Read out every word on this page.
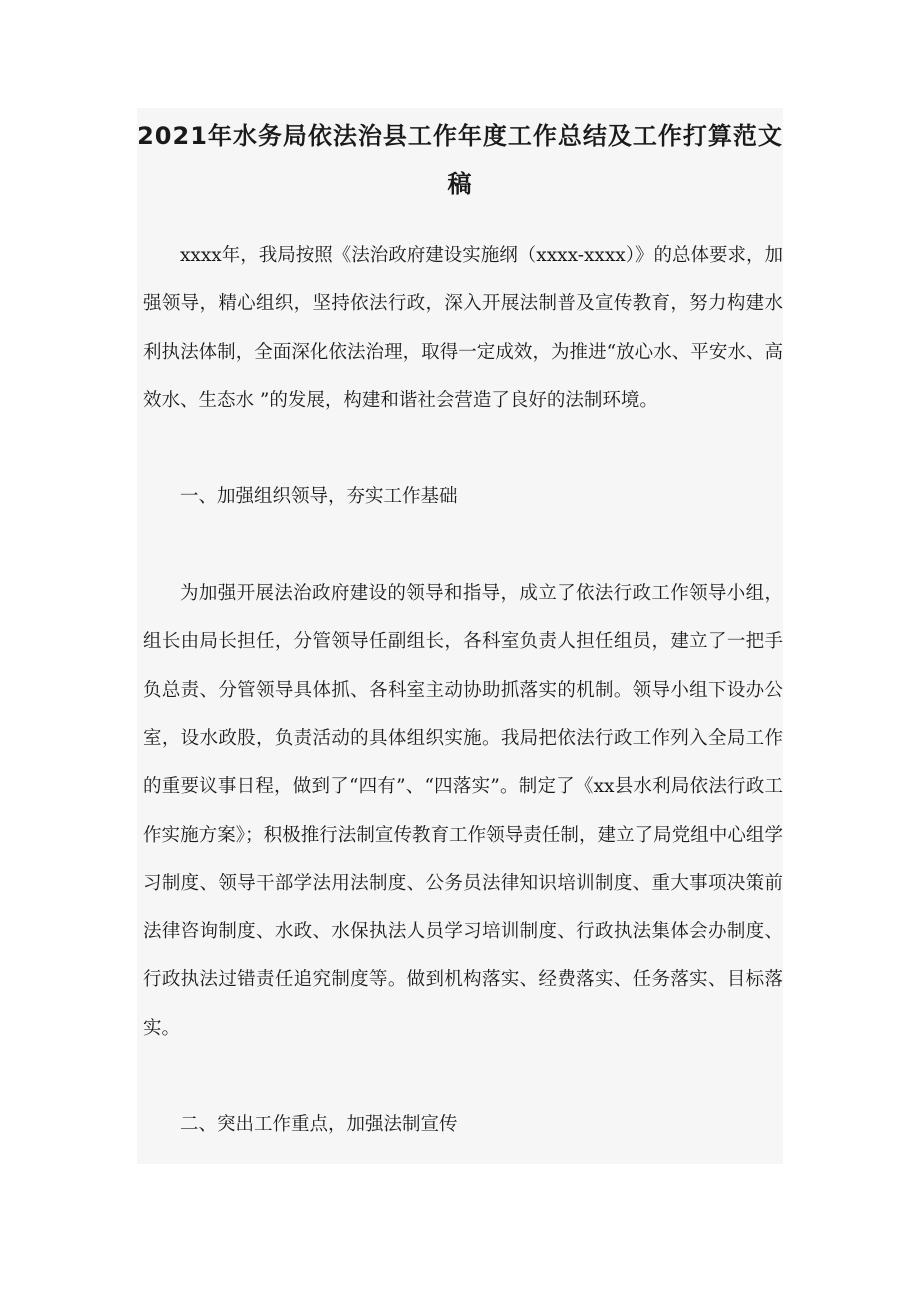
2021年水务局依法治县工作年度工作总结及工作打算范文稿

xxxx年，我局按照《法治政府建设实施纲（xxxx-xxxx）》的总体要求，加强领导，精心组织，坚持依法行政，深入开展法制普及宣传教育，努力构建水利执法体制，全面深化依法治理，取得一定成效，为推进“放心水、平安水、高效水、生态水 ”的发展，构建和谐社会营造了良好的法制环境。

一、加强组织领导，夯实工作基础

为加强开展法治政府建设的领导和指导，成立了依法行政工作领导小组，组长由局长担任，分管领导任副组长，各科室负责人担任组员，建立了一把手负总责、分管领导具体抓、各科室主动协助抓落实的机制。领导小组下设办公室，设水政股，负责活动的具体组织实施。我局把依法行政工作列入全局工作的重要议事日程，做到了“四有”、“四落实”。制定了《xx县水利局依法行政工作实施方案》；积极推行法制宣传教育工作领导责任制，建立了局党组中心组学习制度、领导干部学法用法制度、公务员法律知识培训制度、重大事项决策前法律咨询制度、水政、水保执法人员学习培训制度、行政执法集体会办制度、行政执法过错责任追究制度等。做到机构落实、经费落实、任务落实、目标落实。

二、突出工作重点，加强法制宣传
